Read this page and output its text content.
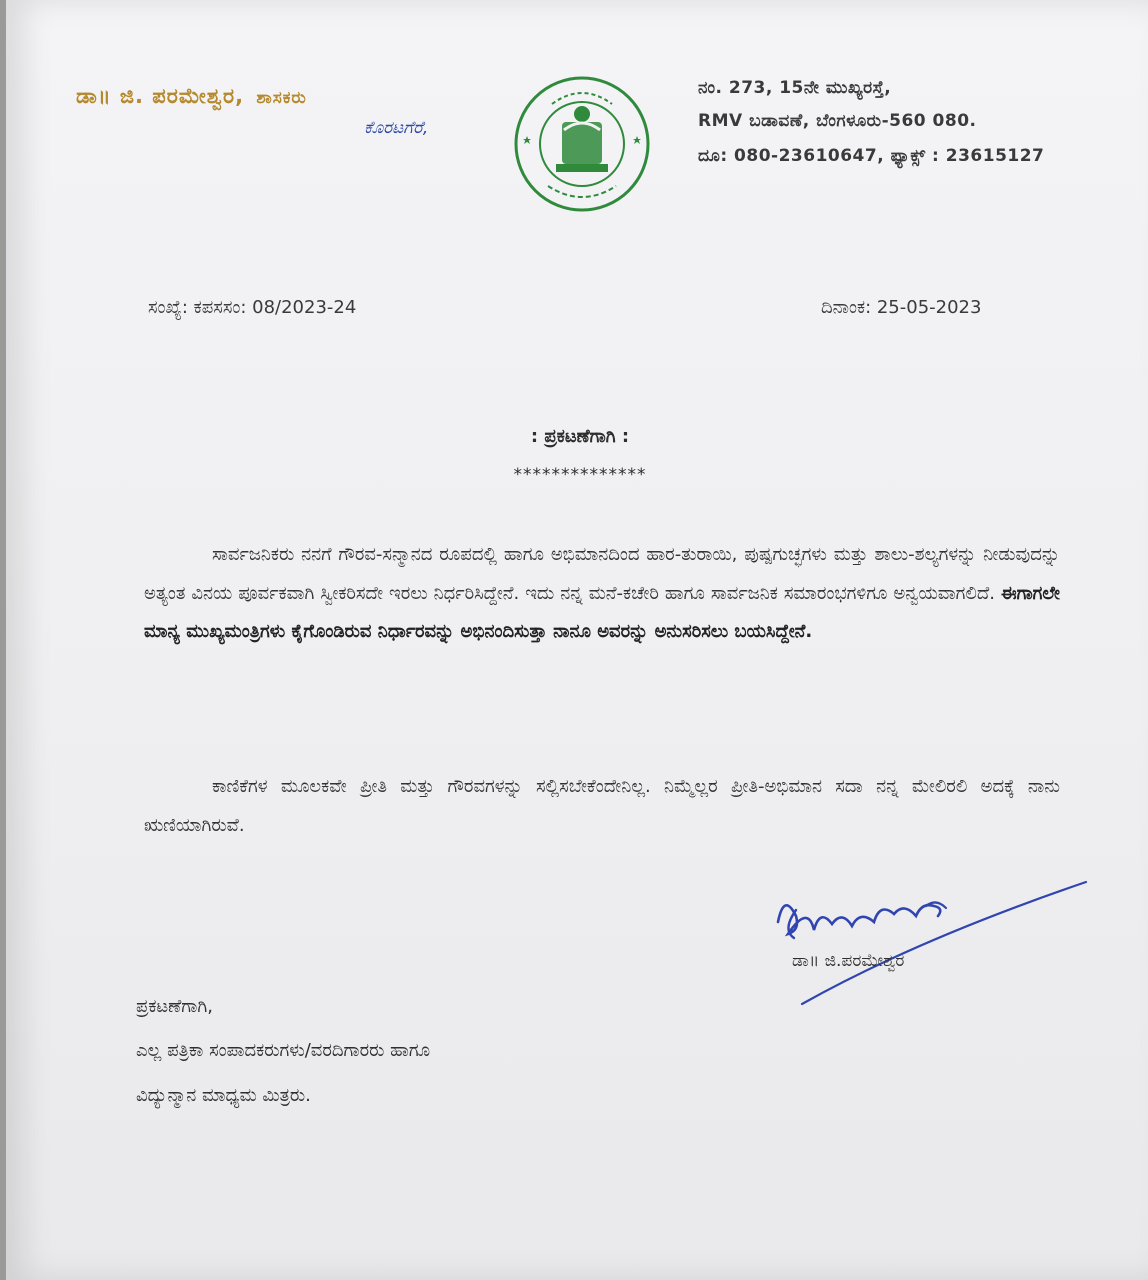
ಡಾ॥ ಜಿ. ಪರಮೇಶ್ವರ, ಶಾಸಕರು
ಕೊರಟಗೆರೆ,
ನಂ. 273, 15ನೇ ಮುಖ್ಯರಸ್ತೆ,
RMV ಬಡಾವಣೆ, ಬೆಂಗಳೂರು-560 080.
ದೂ: 080-23610647, ಫ್ಯಾಕ್ಸ್ : 23615127
ಸಂಖ್ಯೆ: ಕಪಸಸಂ: 08/2023-24	ದಿನಾಂಕ: 25-05-2023
: ಪ್ರಕಟಣೆಗಾಗಿ :
**************
ಸಾರ್ವಜನಿಕರು ನನಗೆ ಗೌರವ-ಸನ್ಮಾನದ ರೂಪದಲ್ಲಿ ಹಾಗೂ ಅಭಿಮಾನದಿಂದ ಹಾರ-ತುರಾಯಿ, ಪುಷ್ಪಗುಚ್ಛಗಳು ಮತ್ತು ಶಾಲು-ಶಲ್ಯಗಳನ್ನು ನೀಡುವುದನ್ನು ಅತ್ಯಂತ ವಿನಯ ಪೂರ್ವಕವಾಗಿ ಸ್ವೀಕರಿಸದೇ ಇರಲು ನಿರ್ಧರಿಸಿದ್ದೇನೆ. ಇದು ನನ್ನ ಮನೆ-ಕಚೇರಿ ಹಾಗೂ ಸಾರ್ವಜನಿಕ ಸಮಾರಂಭಗಳಿಗೂ ಅನ್ವಯವಾಗಲಿದೆ. ಈಗಾಗಲೇ ಮಾನ್ಯ ಮುಖ್ಯಮಂತ್ರಿಗಳು ಕೈಗೊಂಡಿರುವ ನಿರ್ಧಾರವನ್ನು ಅಭಿನಂದಿಸುತ್ತಾ ನಾನೂ ಅವರನ್ನು ಅನುಸರಿಸಲು ಬಯಸಿದ್ದೇನೆ.
ಕಾಣಿಕೆಗಳ ಮೂಲಕವೇ ಪ್ರೀತಿ ಮತ್ತು ಗೌರವಗಳನ್ನು ಸಲ್ಲಿಸಬೇಕೆಂದೇನಿಲ್ಲ. ನಿಮ್ಮೆಲ್ಲರ ಪ್ರೀತಿ-ಅಭಿಮಾನ ಸದಾ ನನ್ನ ಮೇಲಿರಲಿ ಅದಕ್ಕೆ ನಾನು ಋಣಿಯಾಗಿರುವೆ.
ಡಾ॥ ಜಿ.ಪರಮೇಶ್ವರ
ಪ್ರಕಟಣೆಗಾಗಿ,
ಎಲ್ಲ ಪತ್ರಿಕಾ ಸಂಪಾದಕರುಗಳು/ವರದಿಗಾರರು ಹಾಗೂ
ವಿದ್ಯುನ್ಮಾನ ಮಾಧ್ಯಮ ಮಿತ್ರರು.
